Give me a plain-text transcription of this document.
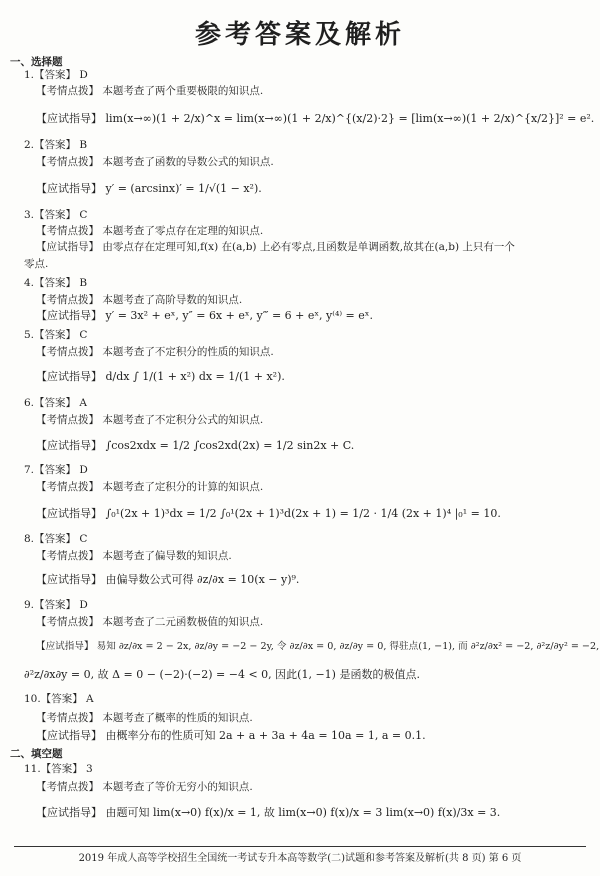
参考答案及解析
一、选择题
1.【答案】 D
【考情点拨】 本题考查了两个重要极限的知识点.
【应试指导】 lim(x→∞)(1 + 2/x)^x = lim(x→∞)(1 + 2/x)^{(x/2)·2} = [lim(x→∞)(1 + 2/x)^{x/2}]² = e².
2.【答案】 B
【考情点拨】 本题考查了函数的导数公式的知识点.
【应试指导】 y′ = (arcsinx)′ = 1/√(1 − x²).
3.【答案】 C
【考情点拨】 本题考查了零点存在定理的知识点.
【应试指导】 由零点存在定理可知,f(x) 在(a,b) 上必有零点,且函数是单调函数,故其在(a,b) 上只有一个
零点.
4.【答案】 B
【考情点拨】 本题考查了高阶导数的知识点.
【应试指导】 y′ = 3x² + eˣ, y″ = 6x + eˣ, y‴ = 6 + eˣ, y⁽⁴⁾ = eˣ.
5.【答案】 C
【考情点拨】 本题考查了不定积分的性质的知识点.
【应试指导】 d/dx ∫ 1/(1 + x²) dx = 1/(1 + x²).
6.【答案】 A
【考情点拨】 本题考查了不定积分公式的知识点.
【应试指导】 ∫cos2xdx = 1/2 ∫cos2xd(2x) = 1/2 sin2x + C.
7.【答案】 D
【考情点拨】 本题考查了定积分的计算的知识点.
【应试指导】 ∫₀¹(2x + 1)³dx = 1/2 ∫₀¹(2x + 1)³d(2x + 1) = 1/2 · 1/4 (2x + 1)⁴ |₀¹ = 10.
8.【答案】 C
【考情点拨】 本题考查了偏导数的知识点.
【应试指导】 由偏导数公式可得 ∂z/∂x = 10(x − y)⁹.
9.【答案】 D
【考情点拨】 本题考查了二元函数极值的知识点.
【应试指导】 易知 ∂z/∂x = 2 − 2x, ∂z/∂y = −2 − 2y, 令 ∂z/∂x = 0, ∂z/∂y = 0, 得驻点(1, −1), 而 ∂²z/∂x² = −2, ∂²z/∂y² = −2,
∂²z/∂x∂y = 0, 故 Δ = 0 − (−2)·(−2) = −4 < 0, 因此(1, −1) 是函数的极值点.
10.【答案】 A
【考情点拨】 本题考查了概率的性质的知识点.
【应试指导】 由概率分布的性质可知 2a + a + 3a + 4a = 10a = 1, a = 0.1.
二、填空题
11.【答案】 3
【考情点拨】 本题考查了等价无穷小的知识点.
【应试指导】 由题可知 lim(x→0) f(x)/x = 1, 故 lim(x→0) f(x)/x = 3 lim(x→0) f(x)/3x = 3.
2019 年成人高等学校招生全国统一考试专升本高等数学(二)试题和参考答案及解析(共 8 页) 第 6 页
